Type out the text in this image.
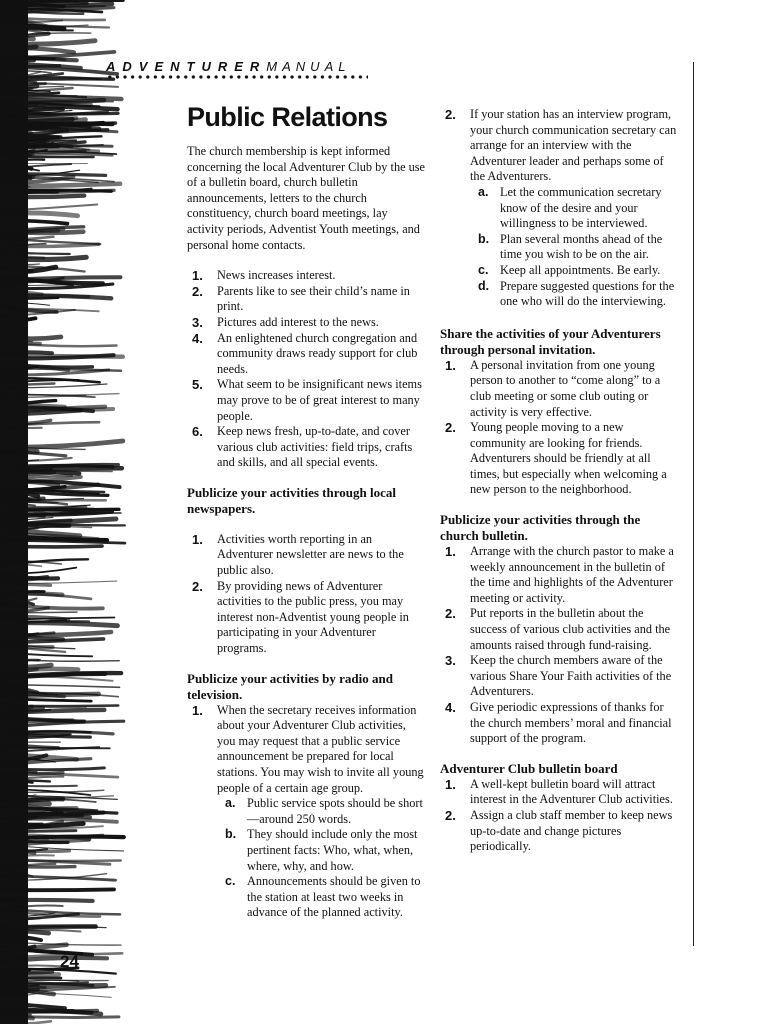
ADVENTURERMANUAL
Public Relations

The church membership is kept informed concerning the local Adventurer Club by the use of a bulletin board, church bulletin announcements, letters to the church constituency, church board meetings, lay activity periods, Adventist Youth meetings, and personal home contacts.

1. News increases interest.
2. Parents like to see their child’s name in print.
3. Pictures add interest to the news.
4. An enlightened church congregation and community draws ready support for club needs.
5. What seem to be insignificant news items may prove to be of great interest to many people.
6. Keep news fresh, up-to-date, and cover various club activities: field trips, crafts and skills, and all special events.

Publicize your activities through local newspapers.

1. Activities worth reporting in an Adventurer newsletter are news to the public also.
2. By providing news of Adventurer activities to the public press, you may interest non-Adventist young people in participating in your Adventurer programs.

Publicize your activities by radio and television.

1. When the secretary receives information about your Adventurer Club activities, you may request that a public service announcement be prepared for local stations. You may wish to invite all young people of a certain age group.
a. Public service spots should be short—around 250 words.
b. They should include only the most pertinent facts: Who, what, when, where, why, and how.
c. Announcements should be given to the station at least two weeks in advance of the planned activity.
2. If your station has an interview program, your church communication secretary can arrange for an interview with the Adventurer leader and perhaps some of the Adventurers.
a. Let the communication secretary know of the desire and your willingness to be interviewed.
b. Plan several months ahead of the time you wish to be on the air.
c. Keep all appointments. Be early.
d. Prepare suggested questions for the one who will do the interviewing.

Share the activities of your Adventurers through personal invitation.

1. A personal invitation from one young person to another to “come along” to a club meeting or some club outing or activity is very effective.
2. Young people moving to a new community are looking for friends. Adventurers should be friendly at all times, but especially when welcoming a new person to the neighborhood.

Publicize your activities through the church bulletin.

1. Arrange with the church pastor to make a weekly announcement in the bulletin of the time and highlights of the Adventurer meeting or activity.
2. Put reports in the bulletin about the success of various club activities and the amounts raised through fund-raising.
3. Keep the church members aware of the various Share Your Faith activities of the Adventurers.
4. Give periodic expressions of thanks for the church members’ moral and financial support of the program.

Adventurer Club bulletin board

1. A well-kept bulletin board will attract interest in the Adventurer Club activities.
2. Assign a club staff member to keep news up-to-date and change pictures periodically.
24
